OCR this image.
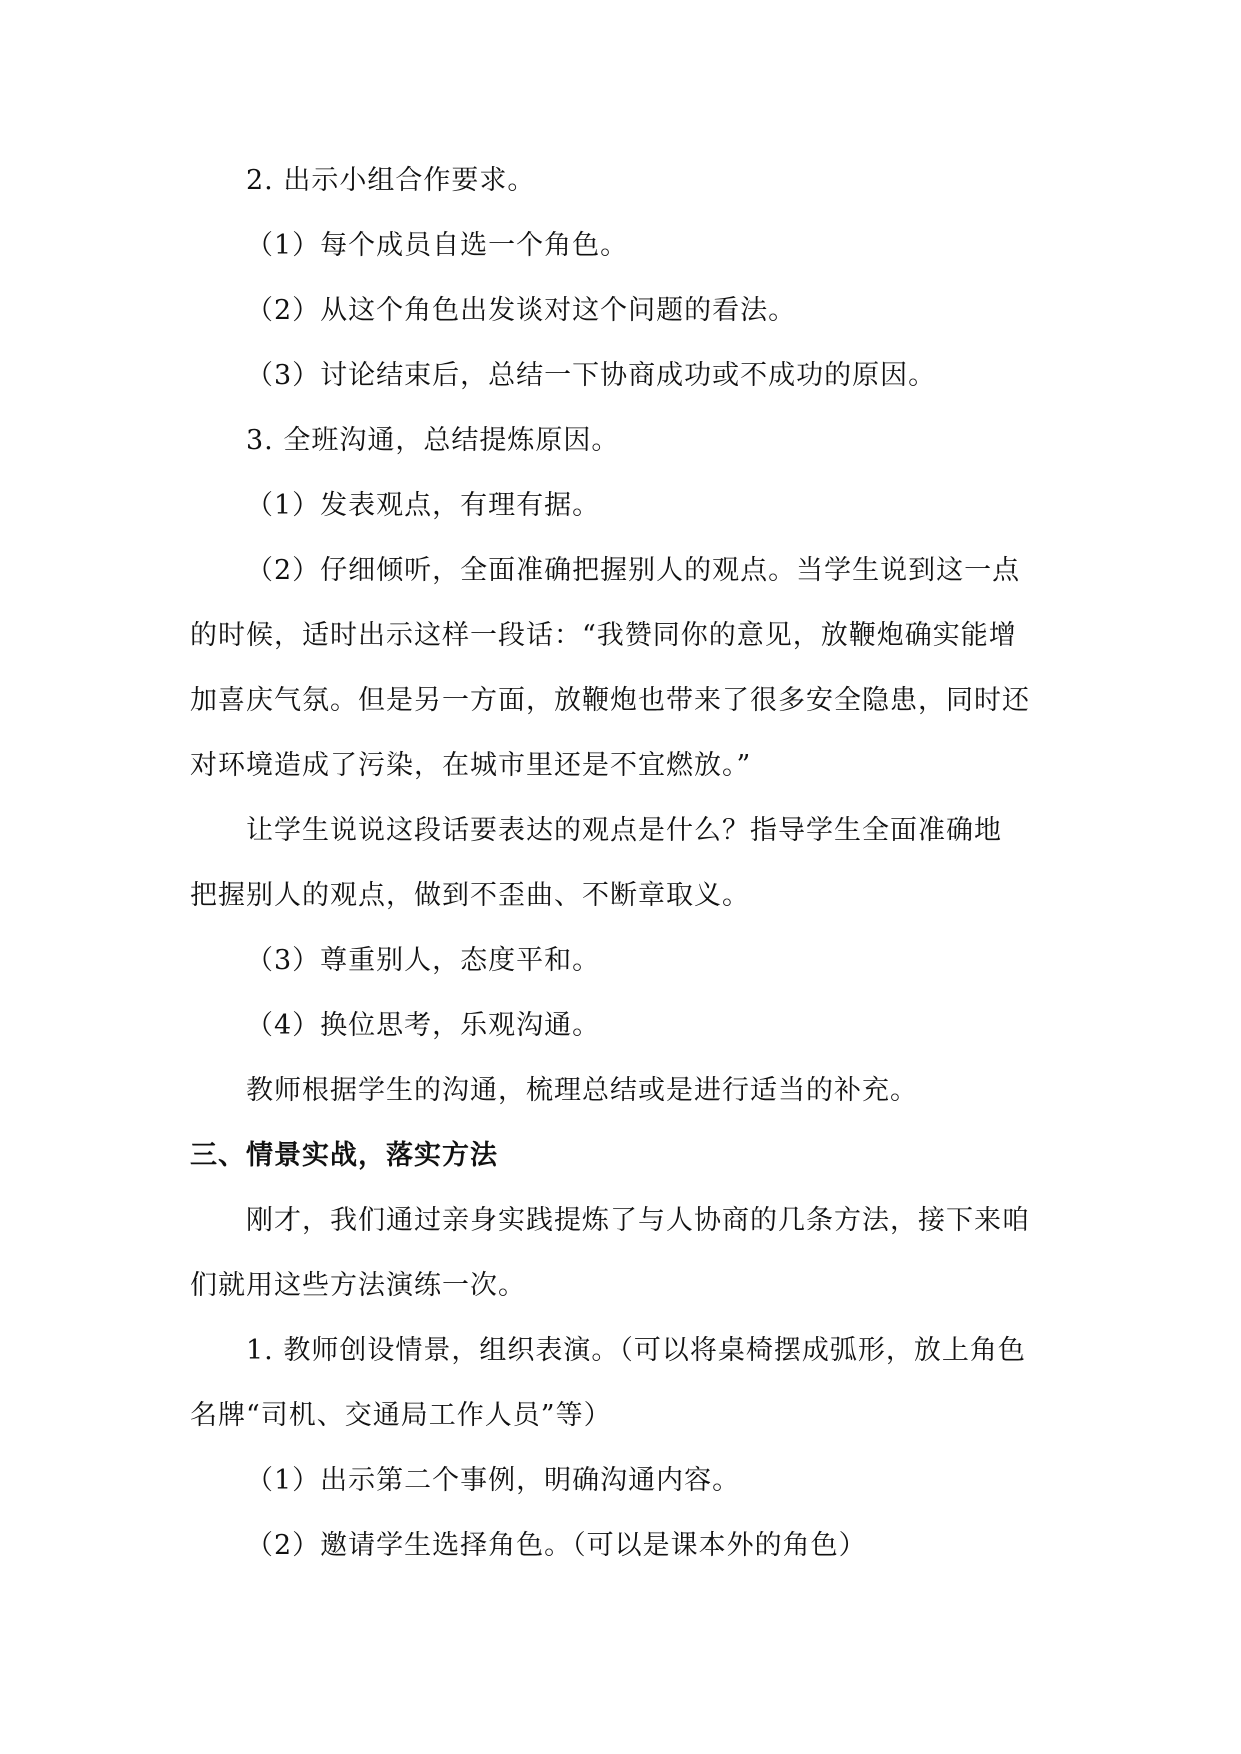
2. 出示小组合作要求。
（1）每个成员自选一个角色。
（2）从这个角色出发谈对这个问题的看法。
（3）讨论结束后，总结一下协商成功或不成功的原因。
3. 全班沟通，总结提炼原因。
（1）发表观点，有理有据。
（2）仔细倾听，全面准确把握别人的观点。当学生说到这一点
的时候，适时出示这样一段话：“我赞同你的意见，放鞭炮确实能增
加喜庆气氛。但是另一方面，放鞭炮也带来了很多安全隐患，同时还
对环境造成了污染，在城市里还是不宜燃放。”
让学生说说这段话要表达的观点是什么？指导学生全面准确地
把握别人的观点，做到不歪曲、不断章取义。
（3）尊重别人，态度平和。
（4）换位思考，乐观沟通。
教师根据学生的沟通，梳理总结或是进行适当的补充。
三、情景实战，落实方法
刚才，我们通过亲身实践提炼了与人协商的几条方法，接下来咱
们就用这些方法演练一次。
1. 教师创设情景，组织表演。（可以将桌椅摆成弧形，放上角色
名牌“司机、交通局工作人员”等）
（1）出示第二个事例，明确沟通内容。
（2）邀请学生选择角色。（可以是课本外的角色）
